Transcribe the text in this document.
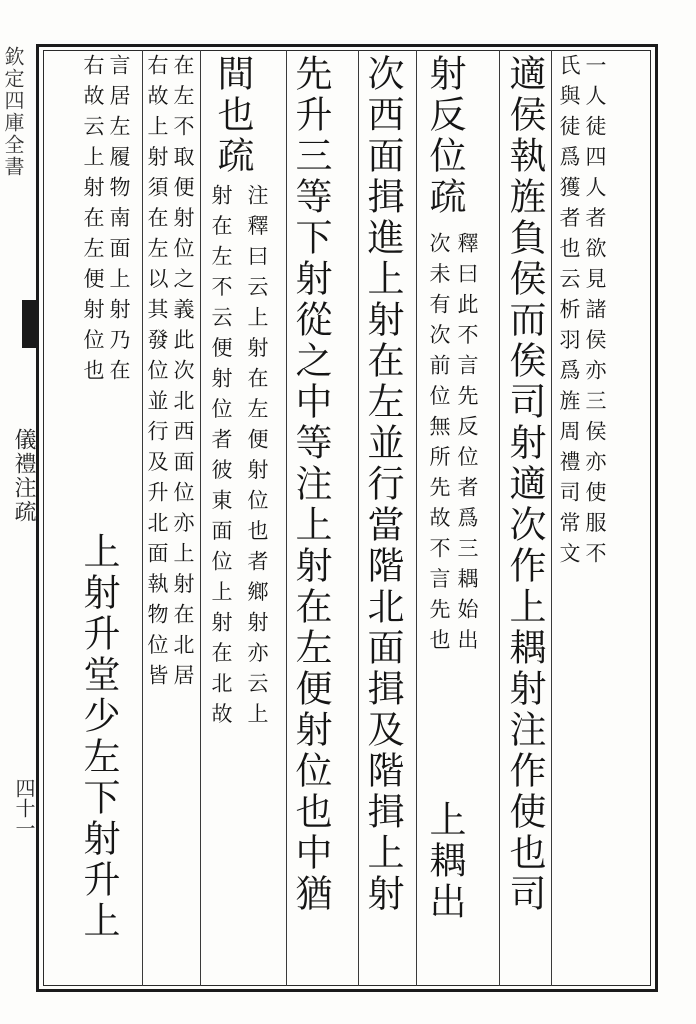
欽定四庫全書
儀禮注疏
四十一
一人徒四人者欲見諸侯亦三侯亦使服不
氏與徒爲獲者也云析羽爲旌周禮司常文
適侯執旌負侯而俟司射適次作上耦射注作使也司
射反位疏
釋曰此不言先反位者爲三耦始出
次未有次前位無所先故不言先也
上耦出
次西面揖進上射在左並行當階北面揖及階揖上射
先升三等下射從之中等注上射在左便射位也中猶
間也疏
注釋曰云上射在左便射位也者鄉射亦云上
射在左不云便射位者彼東面位上射在北故
在左不取便射位之義此次北西面位亦上射在北居
右故上射須在左以其發位並行及升北面執物位皆
言居左履物南面上射乃在
右故云上射在左便射位也
上射升堂少左下射升上
